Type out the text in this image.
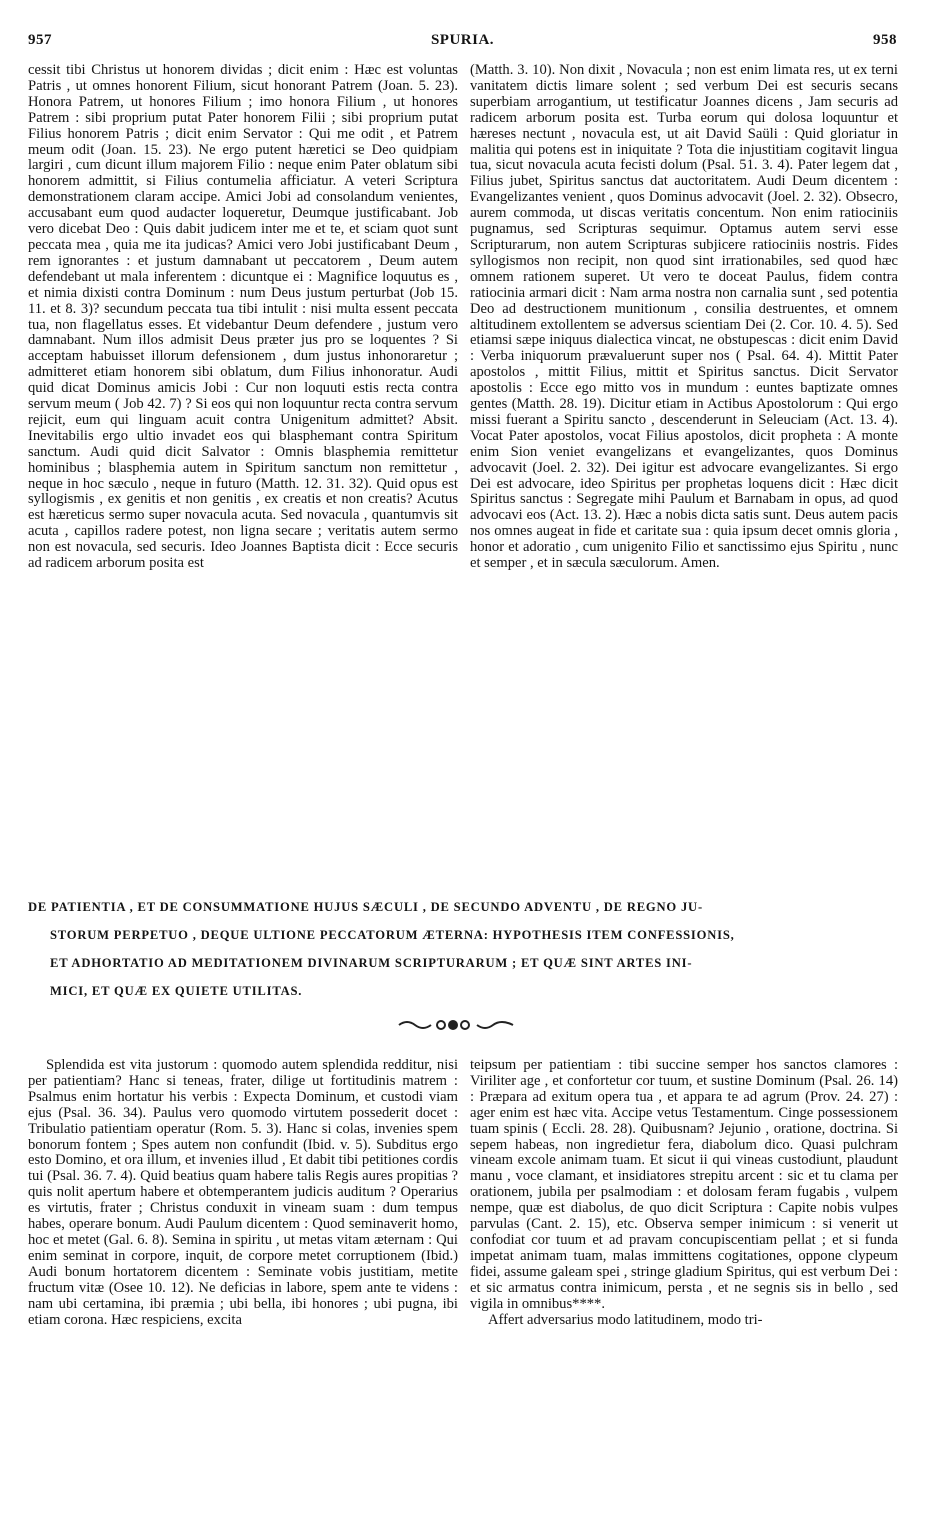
957	SPURIA.	958

cessit tibi Christus ut honorem dividas ; dicit enim : Hæc est voluntas Patris , ut omnes honorent Filium, sicut honorant Patrem (Joan. 5. 23). Honora Patrem, ut honores Filium ; imo honora Filium , ut honores Patrem : sibi proprium putat Pater honorem Filii ; sibi proprium putat Filius honorem Patris ; dicit enim Servator : Qui me odit , et Patrem meum odit (Joan. 15. 23). Ne ergo putent hæretici se Deo quidpiam largiri , cum dicunt illum majorem Filio : neque enim Pater oblatum sibi honorem admittit, si Filius contumelia afficiatur. A veteri Scriptura demonstrationem claram accipe. Amici Jobi ad consolandum venientes, accusabant eum quod audacter loqueretur, Deumque justificabant. Job vero dicebat Deo : Quis dabit judicem inter me et te, et sciam quot sunt peccata mea , quia me ita judicas? Amici vero Jobi justificabant Deum , rem ignorantes : et justum damnabant ut peccatorem , Deum autem defendebant ut mala inferentem : dicuntque ei : Magnifice loquutus es , et nimia dixisti contra Dominum : num Deus justum perturbat (Job 15. 11. et 8. 3)? secundum peccata tua tibi intulit : nisi multa essent peccata tua, non flagellatus esses. Et videbantur Deum defendere , justum vero damnabant. Num illos admisit Deus præter jus pro se loquentes ? Si acceptam habuisset illorum defensionem , dum justus inhonoraretur ; admitteret etiam honorem sibi oblatum, dum Filius inhonoratur. Audi quid dicat Dominus amicis Jobi : Cur non loquuti estis recta contra servum meum ( Job 42. 7) ? Si eos qui non loquuntur recta contra servum rejicit, eum qui linguam acuit contra Unigenitum admittet? Absit. Inevitabilis ergo ultio invadet eos qui blasphemant contra Spiritum sanctum. Audi quid dicit Salvator : Omnis blasphemia remittetur hominibus ; blasphemia autem in Spiritum sanctum non remittetur , neque in hoc sæculo , neque in futuro (Matth. 12. 31. 32). Quid opus est syllogismis , ex genitis et non genitis , ex creatis et non creatis? Acutus est hæreticus sermo super novacula acuta. Sed novacula , quantumvis sit acuta , capillos radere potest, non ligna secare ; veritatis autem sermo non est novacula, sed securis. Ideo Joannes Baptista dicit : Ecce securis ad radicem arborum posita est

(Matth. 3. 10). Non dixit , Novacula ; non est enim limata res, ut ex terni vanitatem dictis limare solent ; sed verbum Dei est securis secans superbiam arrogantium, ut testificatur Joannes dicens , Jam securis ad radicem arborum posita est. Turba eorum qui dolosa loquuntur et hæreses nectunt , novacula est, ut ait David Saüli : Quid gloriatur in malitia qui potens est in iniquitate ? Tota die injustitiam cogitavit lingua tua, sicut novacula acuta fecisti dolum (Psal. 51. 3. 4). Pater legem dat , Filius jubet, Spiritus sanctus dat auctoritatem. Audi Deum dicentem : Evangelizantes venient , quos Dominus advocavit (Joel. 2. 32). Obsecro, aurem commoda, ut discas veritatis concentum. Non enim ratiociniis pugnamus, sed Scripturas sequimur. Optamus autem servi esse Scripturarum, non autem Scripturas subjicere ratiociniis nostris. Fides syllogismos non recipit, non quod sint irrationabiles, sed quod hæc omnem rationem superet. Ut vero te doceat Paulus, fidem contra ratiocinia armari dicit : Nam arma nostra non carnalia sunt , sed potentia Deo ad destructionem munitionum , consilia destruentes, et omnem altitudinem extollentem se adversus scientiam Dei (2. Cor. 10. 4. 5). Sed etiamsi sæpe iniquus dialectica vincat, ne obstupescas : dicit enim David : Verba iniquorum prævaluerunt super nos ( Psal. 64. 4). Mittit Pater apostolos , mittit Filius, mittit et Spiritus sanctus. Dicit Servator apostolis : Ecce ego mitto vos in mundum : euntes baptizate omnes gentes (Matth. 28. 19). Dicitur etiam in Actibus Apostolorum : Qui ergo missi fuerant a Spiritu sancto , descenderunt in Seleuciam (Act. 13. 4). Vocat Pater apostolos, vocat Filius apostolos, dicit propheta : A monte enim Sion veniet evangelizans et evangelizantes, quos Dominus advocavit (Joel. 2. 32). Dei igitur est advocare evangelizantes. Si ergo Dei est advocare, ideo Spiritus per prophetas loquens dicit : Hæc dicit Spiritus sanctus : Segregate mihi Paulum et Barnabam in opus, ad quod advocavi eos (Act. 13. 2). Hæc a nobis dicta satis sunt. Deus autem pacis nos omnes augeat in fide et caritate sua : quia ipsum decet omnis gloria , honor et adoratio , cum unigenito Filio et sanctissimo ejus Spiritu , nunc et semper , et in sæcula sæculorum. Amen.

DE PATIENTIA , ET DE CONSUMMATIONE HUJUS SÆCULI , DE SECUNDO ADVENTU , DE REGNO JU-
STORUM PERPETUO , DEQUE ULTIONE PECCATORUM ÆTERNA: HYPOTHESIS ITEM CONFESSIONIS,
ET ADHORTATIO AD MEDITATIONEM DIVINARUM SCRIPTURARUM ; ET QUÆ SINT ARTES INI-
MICI, ET QUÆ EX QUIETE UTILITAS.

Splendida est vita justorum : quomodo autem splendida redditur, nisi per patientiam? Hanc si teneas, frater, dilige ut fortitudinis matrem : Psalmus enim hortatur his verbis : Expecta Dominum, et custodi viam ejus (Psal. 36. 34). Paulus vero quomodo virtutem possederit docet : Tribulatio patientiam operatur (Rom. 5. 3). Hanc si colas, invenies spem bonorum fontem ; Spes autem non confundit (Ibid. v. 5). Subditus ergo esto Domino, et ora illum, et invenies illud , Et dabit tibi petitiones cordis tui (Psal. 36. 7. 4). Quid beatius quam habere talis Regis aures propitias ? quis nolit apertum habere et obtemperantem judicis auditum ? Operarius es virtutis, frater ; Christus conduxit in vineam suam : dum tempus habes, operare bonum. Audi Paulum dicentem : Quod seminaverit homo, hoc et metet (Gal. 6. 8). Semina in spiritu , ut metas vitam æternam : Qui enim seminat in corpore, inquit, de corpore metet corruptionem (Ibid.) Audi bonum hortatorem dicentem : Seminate vobis justitiam, metite fructum vitæ (Osee 10. 12). Ne deficias in labore, spem ante te videns : nam ubi certamina, ibi præmia ; ubi bella, ibi honores ; ubi pugna, ibi etiam corona. Hæc respiciens, excita

teipsum per patientiam : tibi succine semper hos sanctos clamores : Viriliter age , et confortetur cor tuum, et sustine Dominum (Psal. 26. 14) : Præpara ad exitum opera tua , et appara te ad agrum (Prov. 24. 27) : ager enim est hæc vita. Accipe vetus Testamentum. Cinge possessionem tuam spinis ( Eccli. 28. 28). Quibusnam? Jejunio , oratione, doctrina. Si sepem habeas, non ingredietur fera, diabolum dico. Quasi pulchram vineam excole animam tuam. Et sicut ii qui vineas custodiunt, plaudunt manu , voce clamant, et insidiatores strepitu arcent : sic et tu clama per orationem, jubila per psalmodiam : et dolosam feram fugabis , vulpem nempe, quæ est diabolus, de quo dicit Scriptura : Capite nobis vulpes parvulas (Cant. 2. 15), etc. Observa semper inimicum : si venerit ut confodiat cor tuum et ad pravam concupiscentiam pellat ; et si funda impetat animam tuam, malas immittens cogitationes, oppone clypeum fidei, assume galeam spei , stringe gladium Spiritus, qui est verbum Dei : et sic armatus contra inimicum, persta , et ne segnis sis in bello , sed vigila in omnibus****.

Affert adversarius modo latitudinem, modo tri-
